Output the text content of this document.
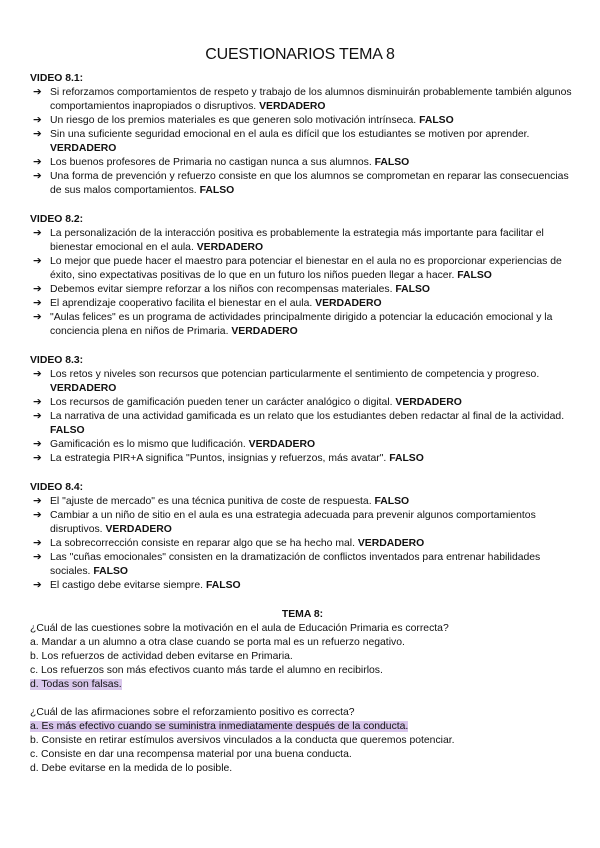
CUESTIONARIOS TEMA 8

VIDEO 8.1:

➔ Si reforzamos comportamientos de respeto y trabajo de los alumnos disminuirán probablemente también algunos comportamientos inapropiados o disruptivos. VERDADERO
➔ Un riesgo de los premios materiales es que generen solo motivación intrínseca. FALSO
➔ Sin una suficiente seguridad emocional en el aula es difícil que los estudiantes se motiven por aprender. VERDADERO
➔ Los buenos profesores de Primaria no castigan nunca a sus alumnos. FALSO
➔ Una forma de prevención y refuerzo consiste en que los alumnos se comprometan en reparar las consecuencias de sus malos comportamientos. FALSO

VIDEO 8.2:

➔ La personalización de la interacción positiva es probablemente la estrategia más importante para facilitar el bienestar emocional en el aula. VERDADERO
➔ Lo mejor que puede hacer el maestro para potenciar el bienestar en el aula no es proporcionar experiencias de éxito, sino expectativas positivas de lo que en un futuro los niños pueden llegar a hacer. FALSO
➔ Debemos evitar siempre reforzar a los niños con recompensas materiales. FALSO
➔ El aprendizaje cooperativo facilita el bienestar en el aula. VERDADERO
➔ "Aulas felices" es un programa de actividades principalmente dirigido a potenciar la educación emocional y la conciencia plena en niños de Primaria. VERDADERO

VIDEO 8.3:

➔ Los retos y niveles son recursos que potencian particularmente el sentimiento de competencia y progreso. VERDADERO
➔ Los recursos de gamificación pueden tener un carácter analógico o digital. VERDADERO
➔ La narrativa de una actividad gamificada es un relato que los estudiantes deben redactar al final de la actividad. FALSO
➔ Gamificación es lo mismo que ludificación. VERDADERO
➔ La estrategia PIR+A significa "Puntos, insignias y refuerzos, más avatar". FALSO

VIDEO 8.4:

➔ El "ajuste de mercado" es una técnica punitiva de coste de respuesta. FALSO
➔ Cambiar a un niño de sitio en el aula es una estrategia adecuada para prevenir algunos comportamientos disruptivos. VERDADERO
➔ La sobrecorrección consiste en reparar algo que se ha hecho mal. VERDADERO
➔ Las "cuñas emocionales" consisten en la dramatización de conflictos inventados para entrenar habilidades sociales. FALSO
➔ El castigo debe evitarse siempre. FALSO

TEMA 8:

¿Cuál de las cuestiones sobre la motivación en el aula de Educación Primaria es correcta?

a. Mandar a un alumno a otra clase cuando se porta mal es un refuerzo negativo.

b. Los refuerzos de actividad deben evitarse en Primaria.

c. Los refuerzos son más efectivos cuanto más tarde el alumno en recibirlos.

d. Todas son falsas.

¿Cuál de las afirmaciones sobre el reforzamiento positivo es correcta?

a. Es más efectivo cuando se suministra inmediatamente después de la conducta.

b. Consiste en retirar estímulos aversivos vinculados a la conducta que queremos potenciar.

c. Consiste en dar una recompensa material por una buena conducta.

d. Debe evitarse en la medida de lo posible.
